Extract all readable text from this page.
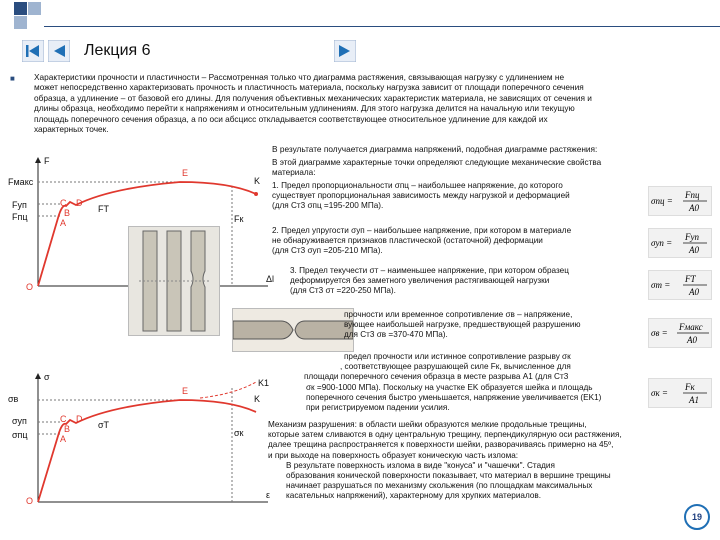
Лекция 6
■ Характеристики прочности и пластичности – Рассмотренная только что диаграмма растяжения, связывающая нагрузку с удлинением не
может непосредственно характеризовать прочность и пластичность материала, поскольку нагрузка зависит от площади поперечного сечения
образца, а удлинение – от базовой его длины. Для получения объективных механических характеристик материала, не зависящих от сечения и
длины образца, необходимо перейти к напряжениям и относительным удлинениям. Для этого нагрузка делится на начальную или текущую
площадь поперечного сечения образца, а по оси абсцисс откладывается соответствующее относительное удлинение для каждой их
характерных точек.
В результате получается диаграмма напряжений, подобная диаграмме растяжения:
F
Fмакс
Fуп
Fпц
E
K
C D
B
A
FТ
Fк
Δl
O
σ
σв
σуп
σпц
E
K1
K
C D
B
A
σТ
σк
ε
O
В этой диаграмме характерные точки определяют следующие механические свойства
материала:
1. Предел пропорциональности σпц – наибольшее напряжение, до которого
существует пропорциональная зависимость между нагрузкой и деформацией
(для Ст3 σпц =195-200 МПа).
2. Предел упругости σуп – наибольшее напряжение, при котором в материале
не обнаруживается признаков пластической (остаточной) деформации
(для Ст3 σуп =205-210 МПа).
3. Предел текучести σт – наименьшее напряжение, при котором образец
деформируется без заметного увеличения растягивающей нагрузки
(для Ст3 σт =220-250 МПа).
прочности или временное сопротивление σв – напряжение,
вующее наибольшей нагрузке, предшествующей разрушению
для Ст3 σв =370-470 МПа).
предел прочности или истинное сопротивление разрыву σк
, соответствующее разрушающей силе Fк, вычисленное для
площади поперечного сечения образца в месте разрыва A1 (для Ст3
σк =900-1000 МПа). Поскольку на участке EK образуется шейка и площадь
поперечного сечения быстро уменьшается, напряжение увеличивается (EK1)
при регистрируемом падении усилия.
σпц =
Fпц
A0
σуп =
Fуп
A0
σт =
FТ
A0
σв =
Fмакс
A0
σк =
Fк
A1
Механизм разрушения: в области шейки образуются мелкие продольные трещины,
которые затем сливаются в одну центральную трещину, перпендикулярную оси растяжения,
далее трещина распространяется к поверхности шейки, разворачиваясь примерно на 45º,
и при выходе на поверхность образует коническую часть излома:
В результате поверхность излома в виде "конуса" и "чашечки". Стадия
образования конической поверхности показывает, что материал в вершине трещины
начинает разрушаться по механизму скольжения (по площадкам максимальных
касательных напряжений), характерному для хрупких материалов.
19
